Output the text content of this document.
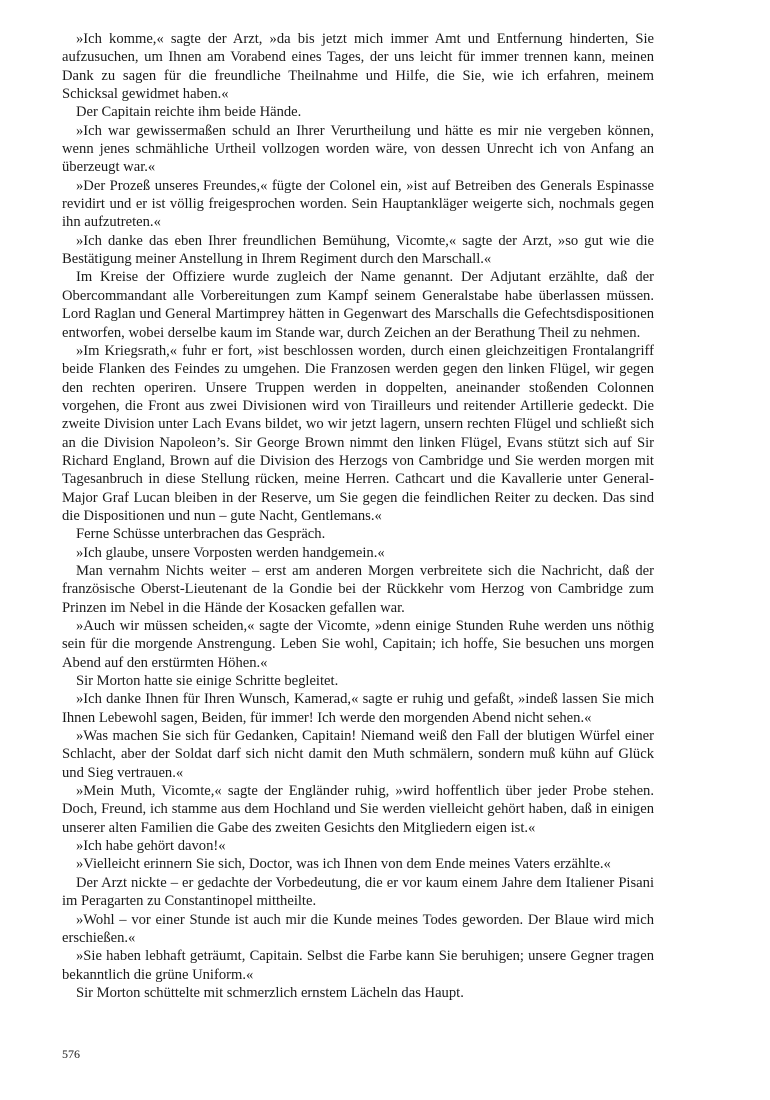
»Ich komme,« sagte der Arzt, »da bis jetzt mich immer Amt und Entfernung hinderten, Sie aufzusuchen, um Ihnen am Vorabend eines Tages, der uns leicht für immer trennen kann, meinen Dank zu sagen für die freundliche Theilnahme und Hilfe, die Sie, wie ich erfahren, meinem Schicksal gewidmet haben.«

Der Capitain reichte ihm beide Hände.

»Ich war gewissermaßen schuld an Ihrer Verurtheilung und hätte es mir nie vergeben können, wenn jenes schmähliche Urtheil vollzogen worden wäre, von dessen Unrecht ich von Anfang an überzeugt war.«

»Der Prozeß unseres Freundes,« fügte der Colonel ein, »ist auf Betreiben des Generals Espinasse revidirt und er ist völlig freigesprochen worden. Sein Hauptankläger weigerte sich, nochmals gegen ihn aufzutreten.«

»Ich danke das eben Ihrer freundlichen Bemühung, Vicomte,« sagte der Arzt, »so gut wie die Bestätigung meiner Anstellung in Ihrem Regiment durch den Marschall.«

Im Kreise der Offiziere wurde zugleich der Name genannt. Der Adjutant erzählte, daß der Obercommandant alle Vorbereitungen zum Kampf seinem Generalstabe habe überlassen müssen. Lord Raglan und General Martimprey hätten in Gegenwart des Marschalls die Gefechtsdispositionen entworfen, wobei derselbe kaum im Stande war, durch Zeichen an der Berathung Theil zu nehmen.

»Im Kriegsrath,« fuhr er fort, »ist beschlossen worden, durch einen gleichzeitigen Frontalangriff beide Flanken des Feindes zu umgehen. Die Franzosen werden gegen den linken Flügel, wir gegen den rechten operiren. Unsere Truppen werden in doppelten, aneinander stoßenden Colonnen vorgehen, die Front aus zwei Divisionen wird von Tirailleurs und reitender Artillerie gedeckt. Die zweite Division unter Lach Evans bildet, wo wir jetzt lagern, unsern rechten Flügel und schließt sich an die Division Napoleon’s. Sir George Brown nimmt den linken Flügel, Evans stützt sich auf Sir Richard England, Brown auf die Division des Herzogs von Cambridge und Sie werden morgen mit Tagesanbruch in diese Stellung rücken, meine Herren. Cathcart und die Kavallerie unter General-Major Graf Lucan bleiben in der Reserve, um Sie gegen die feindlichen Reiter zu decken. Das sind die Dispositionen und nun – gute Nacht, Gentlemans.«

Ferne Schüsse unterbrachen das Gespräch.

»Ich glaube, unsere Vorposten werden handgemein.«

Man vernahm Nichts weiter – erst am anderen Morgen verbreitete sich die Nachricht, daß der französische Oberst-Lieutenant de la Gondie bei der Rückkehr vom Herzog von Cambridge zum Prinzen im Nebel in die Hände der Kosacken gefallen war.

»Auch wir müssen scheiden,« sagte der Vicomte, »denn einige Stunden Ruhe werden uns nöthig sein für die morgende Anstrengung. Leben Sie wohl, Capitain; ich hoffe, Sie besuchen uns morgen Abend auf den erstürmten Höhen.«

Sir Morton hatte sie einige Schritte begleitet.

»Ich danke Ihnen für Ihren Wunsch, Kamerad,« sagte er ruhig und gefaßt, »indeß lassen Sie mich Ihnen Lebewohl sagen, Beiden, für immer! Ich werde den morgenden Abend nicht sehen.«

»Was machen Sie sich für Gedanken, Capitain! Niemand weiß den Fall der blutigen Würfel einer Schlacht, aber der Soldat darf sich nicht damit den Muth schmälern, sondern muß kühn auf Glück und Sieg vertrauen.«

»Mein Muth, Vicomte,« sagte der Engländer ruhig, »wird hoffentlich über jeder Probe stehen. Doch, Freund, ich stamme aus dem Hochland und Sie werden vielleicht gehört haben, daß in einigen unserer alten Familien die Gabe des zweiten Gesichts den Mitgliedern eigen ist.«

»Ich habe gehört davon!«

»Vielleicht erinnern Sie sich, Doctor, was ich Ihnen von dem Ende meines Vaters erzählte.«

Der Arzt nickte – er gedachte der Vorbedeutung, die er vor kaum einem Jahre dem Italiener Pisani im Peragarten zu Constantinopel mittheilte.

»Wohl – vor einer Stunde ist auch mir die Kunde meines Todes geworden. Der Blaue wird mich erschießen.«

»Sie haben lebhaft geträumt, Capitain. Selbst die Farbe kann Sie beruhigen; unsere Gegner tragen bekanntlich die grüne Uniform.«

Sir Morton schüttelte mit schmerzlich ernstem Lächeln das Haupt.

576
